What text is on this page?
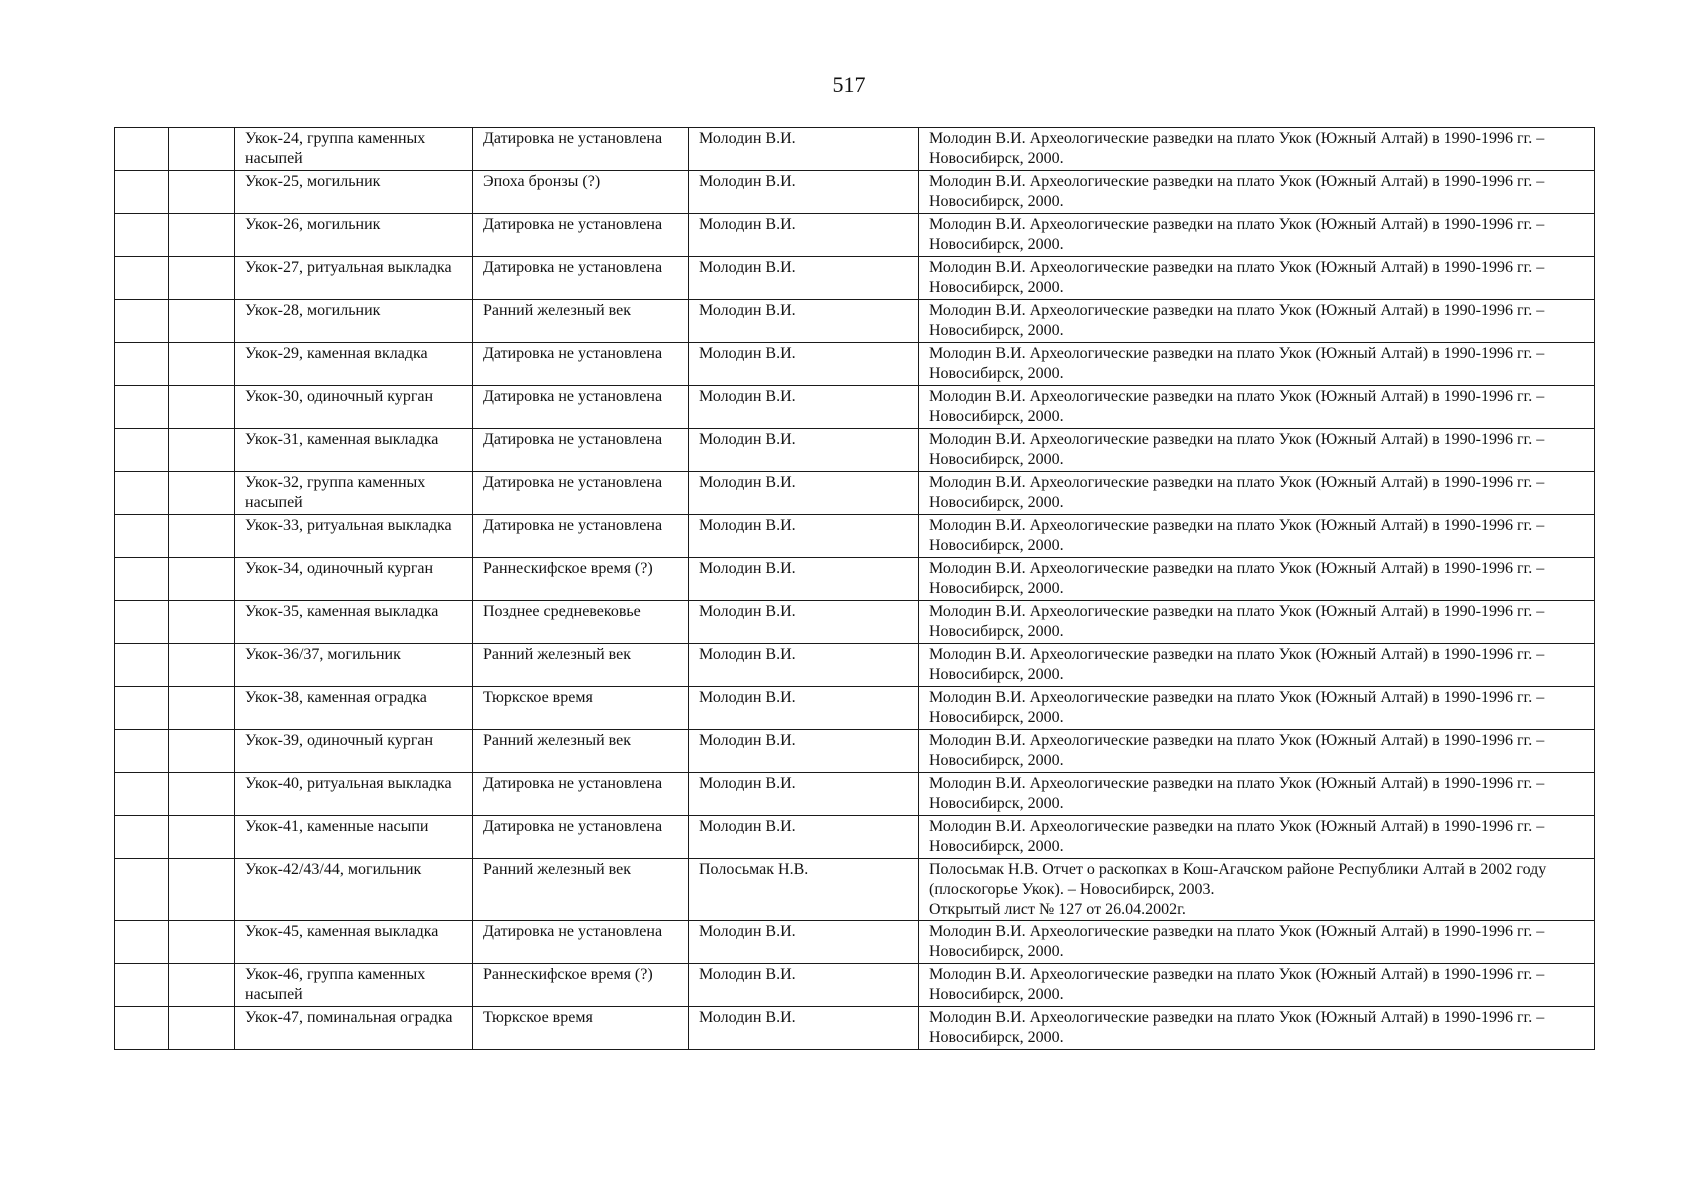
517
		Укок-24, группа каменных насыпей	Датировка не установлена	Молодин В.И.	Молодин В.И. Археологические разведки на плато Укок (Южный Алтай) в 1990-1996 гг. – Новосибирск, 2000.
		Укок-25, могильник	Эпоха бронзы (?)	Молодин В.И.	Молодин В.И. Археологические разведки на плато Укок (Южный Алтай) в 1990-1996 гг. – Новосибирск, 2000.
		Укок-26, могильник	Датировка не установлена	Молодин В.И.	Молодин В.И. Археологические разведки на плато Укок (Южный Алтай) в 1990-1996 гг. – Новосибирск, 2000.
		Укок-27, ритуальная выкладка	Датировка не установлена	Молодин В.И.	Молодин В.И. Археологические разведки на плато Укок (Южный Алтай) в 1990-1996 гг. – Новосибирск, 2000.
		Укок-28, могильник	Ранний железный век	Молодин В.И.	Молодин В.И. Археологические разведки на плато Укок (Южный Алтай) в 1990-1996 гг. – Новосибирск, 2000.
		Укок-29, каменная вкладка	Датировка не установлена	Молодин В.И.	Молодин В.И. Археологические разведки на плато Укок (Южный Алтай) в 1990-1996 гг. – Новосибирск, 2000.
		Укок-30, одиночный курган	Датировка не установлена	Молодин В.И.	Молодин В.И. Археологические разведки на плато Укок (Южный Алтай) в 1990-1996 гг. – Новосибирск, 2000.
		Укок-31, каменная выкладка	Датировка не установлена	Молодин В.И.	Молодин В.И. Археологические разведки на плато Укок (Южный Алтай) в 1990-1996 гг. – Новосибирск, 2000.
		Укок-32, группа каменных насыпей	Датировка не установлена	Молодин В.И.	Молодин В.И. Археологические разведки на плато Укок (Южный Алтай) в 1990-1996 гг. – Новосибирск, 2000.
		Укок-33, ритуальная выкладка	Датировка не установлена	Молодин В.И.	Молодин В.И. Археологические разведки на плато Укок (Южный Алтай) в 1990-1996 гг. – Новосибирск, 2000.
		Укок-34, одиночный курган	Раннескифское время (?)	Молодин В.И.	Молодин В.И. Археологические разведки на плато Укок (Южный Алтай) в 1990-1996 гг. – Новосибирск, 2000.
		Укок-35, каменная выкладка	Позднее средневековье	Молодин В.И.	Молодин В.И. Археологические разведки на плато Укок (Южный Алтай) в 1990-1996 гг. – Новосибирск, 2000.
		Укок-36/37, могильник	Ранний железный век	Молодин В.И.	Молодин В.И. Археологические разведки на плато Укок (Южный Алтай) в 1990-1996 гг. – Новосибирск, 2000.
		Укок-38, каменная оградка	Тюркское время	Молодин В.И.	Молодин В.И. Археологические разведки на плато Укок (Южный Алтай) в 1990-1996 гг. – Новосибирск, 2000.
		Укок-39, одиночный курган	Ранний железный век	Молодин В.И.	Молодин В.И. Археологические разведки на плато Укок (Южный Алтай) в 1990-1996 гг. – Новосибирск, 2000.
		Укок-40, ритуальная выкладка	Датировка не установлена	Молодин В.И.	Молодин В.И. Археологические разведки на плато Укок (Южный Алтай) в 1990-1996 гг. – Новосибирск, 2000.
		Укок-41, каменные насыпи	Датировка не установлена	Молодин В.И.	Молодин В.И. Археологические разведки на плато Укок (Южный Алтай) в 1990-1996 гг. – Новосибирск, 2000.
		Укок-42/43/44, могильник	Ранний железный век	Полосьмак Н.В.	Полосьмак Н.В. Отчет о раскопках в Кош-Агачском районе Республики Алтай в 2002 году (плоскогорье Укок). – Новосибирск, 2003.
Открытый лист № 127 от 26.04.2002г.

		Укок-45, каменная выкладка	Датировка не установлена	Молодин В.И.	Молодин В.И. Археологические разведки на плато Укок (Южный Алтай) в 1990-1996 гг. – Новосибирск, 2000.
		Укок-46, группа каменных насыпей	Раннескифское время (?)	Молодин В.И.	Молодин В.И. Археологические разведки на плато Укок (Южный Алтай) в 1990-1996 гг. – Новосибирск, 2000.
		Укок-47, поминальная оградка	Тюркское время	Молодин В.И.	Молодин В.И. Археологические разведки на плато Укок (Южный Алтай) в 1990-1996 гг. – Новосибирск, 2000.
